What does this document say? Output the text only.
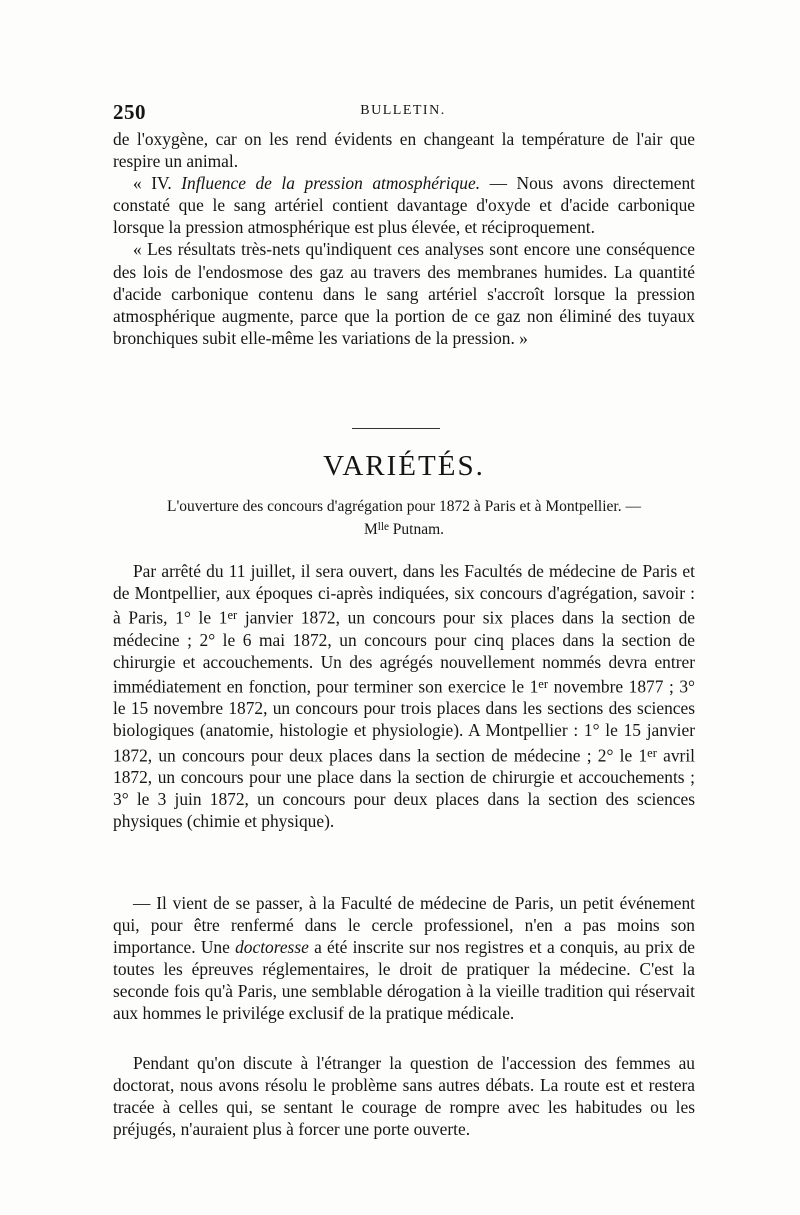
250	BULLETIN.

de l'oxygène, car on les rend évidents en changeant la température de l'air que respire un animal.

« IV. Influence de la pression atmosphérique. — Nous avons directement constaté que le sang artériel contient davantage d'oxyde et d'acide carbonique lorsque la pression atmosphérique est plus élevée, et réciproquement.

« Les résultats très-nets qu'indiquent ces analyses sont encore une conséquence des lois de l'endosmose des gaz au travers des membranes humides. La quantité d'acide carbonique contenu dans le sang artériel s'accroît lorsque la pression atmosphérique augmente, parce que la portion de ce gaz non éliminé des tuyaux bronchiques subit elle-même les variations de la pression. »

VARIÉTÉS.
L'ouverture des concours d'agrégation pour 1872 à Paris et à Montpellier. —
$M^{lle}$ Putnam.

Par arrêté du 11 juillet, il sera ouvert, dans les Facultés de médecine de Paris et de Montpellier, aux époques ci-après indiquées, six concours d'agrégation, savoir : à Paris, 1° le 1er janvier 1872, un concours pour six places dans la section de médecine ; 2° le 6 mai 1872, un concours pour cinq places dans la section de chirurgie et accouchements. Un des agrégés nouvellement nommés devra entrer immédiatement en fonction, pour terminer son exercice le 1er novembre 1877 ; 3° le 15 novembre 1872, un concours pour trois places dans les sections des sciences biologiques (anatomie, histologie et physiologie). A Montpellier : 1° le 15 janvier 1872, un concours pour deux places dans la section de médecine ; 2° le 1er avril 1872, un concours pour une place dans la section de chirurgie et accouchements ; 3° le 3 juin 1872, un concours pour deux places dans la section des sciences physiques (chimie et physique).

— Il vient de se passer, à la Faculté de médecine de Paris, un petit événement qui, pour être renfermé dans le cercle professionel, n'en a pas moins son importance. Une doctoresse a été inscrite sur nos registres et a conquis, au prix de toutes les épreuves réglementaires, le droit de pratiquer la médecine. C'est la seconde fois qu'à Paris, une semblable dérogation à la vieille tradition qui réservait aux hommes le privilége exclusif de la pratique médicale.

Pendant qu'on discute à l'étranger la question de l'accession des femmes au doctorat, nous avons résolu le problème sans autres débats. La route est et restera tracée à celles qui, se sentant le courage de rompre avec les habitudes ou les préjugés, n'auraient plus à forcer une porte ouverte.
